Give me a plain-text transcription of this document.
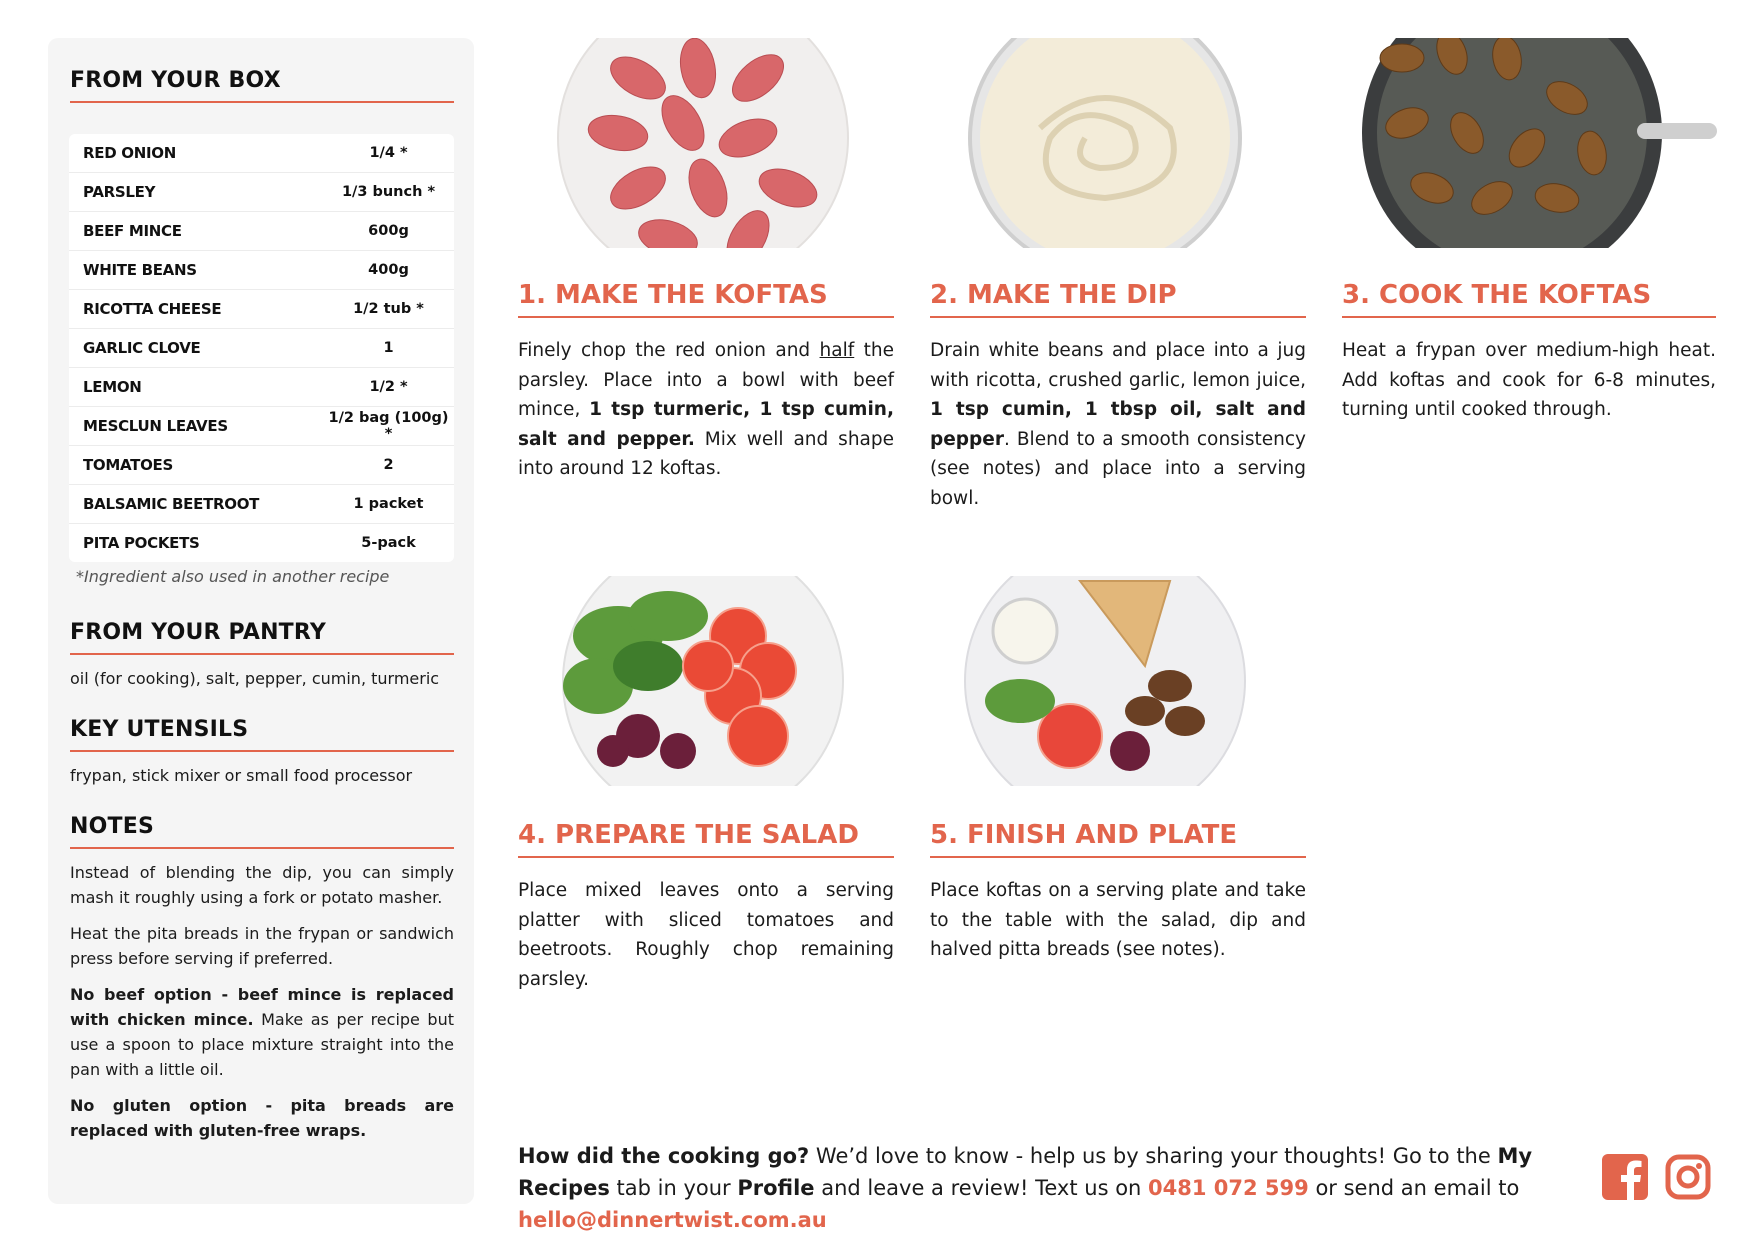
FROM YOUR BOX
RED ONION	1/4 *
PARSLEY	1/3 bunch *
BEEF MINCE	600g
WHITE BEANS	400g
RICOTTA CHEESE	1/2 tub *
GARLIC CLOVE	1
LEMON	1/2 *
MESCLUN LEAVES	1/2 bag (100g) *
TOMATOES	2
BALSAMIC BEETROOT	1 packet
PITA POCKETS	5-pack
*Ingredient also used in another recipe
FROM YOUR PANTRY
oil (for cooking), salt, pepper, cumin, turmeric
KEY UTENSILS
frypan, stick mixer or small food processor
NOTES

Instead of blending the dip, you can simply mash it roughly using a fork or potato masher.

Heat the pita breads in the frypan or sandwich press before serving if preferred.

No beef option - beef mince is replaced with chicken mince. Make as per recipe but use a spoon to place mixture straight into the pan with a little oil.

No gluten option - pita breads are replaced with gluten-free wraps.

1. MAKE THE KOFTAS

Finely chop the red onion and half the parsley. Place into a bowl with beef mince, 1 tsp turmeric, 1 tsp cumin, salt and pepper. Mix well and shape into around 12 koftas.

2. MAKE THE DIP

Drain white beans and place into a jug with ricotta, crushed garlic, lemon juice, 1 tsp cumin, 1 tbsp oil, salt and pepper. Blend to a smooth consistency (see notes) and place into a serving bowl.

3. COOK THE KOFTAS

Heat a frypan over medium-high heat. Add koftas and cook for 6-8 minutes, turning until cooked through.

4. PREPARE THE SALAD

Place mixed leaves onto a serving platter with sliced tomatoes and beetroots. Roughly chop remaining parsley.

5. FINISH AND PLATE

Place koftas on a serving plate and take to the table with the salad, dip and halved pitta breads (see notes).

How did the cooking go? We’d love to know - help us by sharing your thoughts! Go to the My Recipes tab in your Profile and leave a review! Text us on 0481 072 599 or send an email to hello@dinnertwist.com.au
